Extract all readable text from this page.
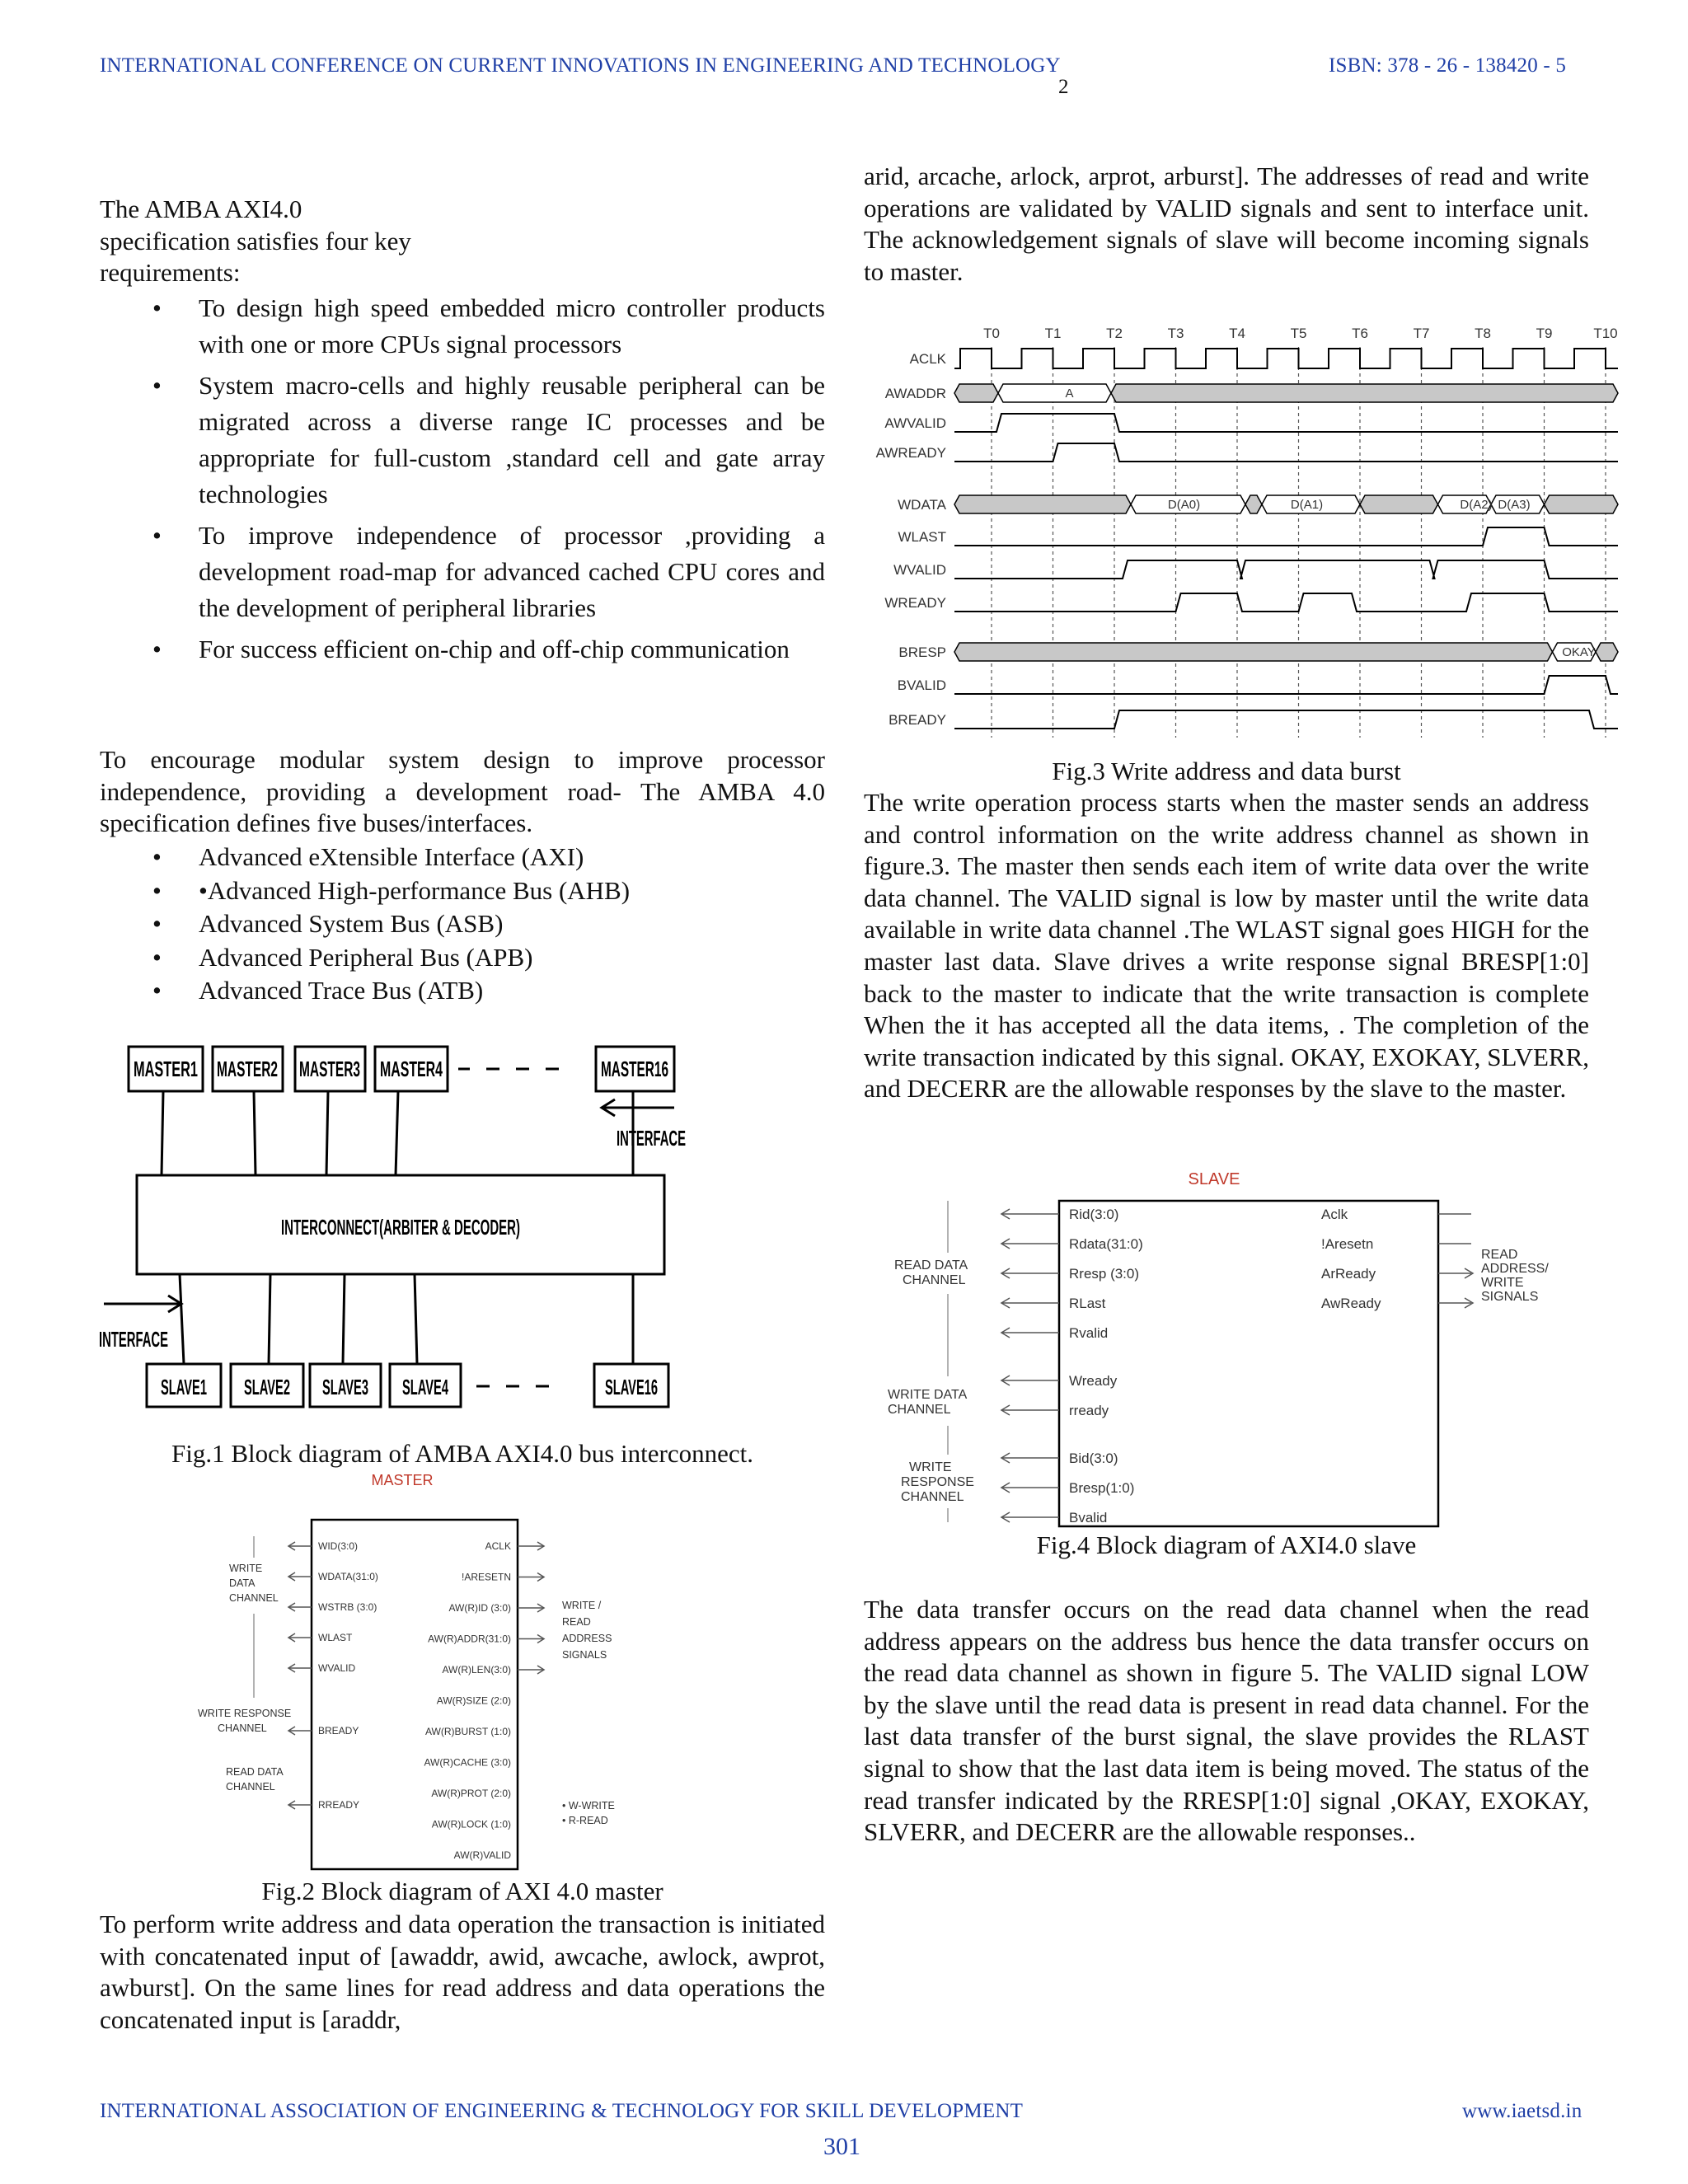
INTERNATIONAL CONFERENCE ON CURRENT INNOVATIONS IN ENGINEERING AND TECHNOLOGY	ISBN: 378 - 26 - 138420 - 5
2
The AMBA AXI4.0
specification satisfies four key
requirements:
• To design high speed embedded micro controller products with one or more CPUs signal processors
• System macro-cells and highly reusable peripheral can be migrated across a diverse range IC processes and be appropriate for full-custom ,standard cell and gate array technologies
• To improve independence of processor ,providing a development road-map for advanced cached CPU cores and the development of peripheral libraries
• For success efficient on-chip and off-chip communication
To encourage modular system design to improve processor independence, providing a development road- The AMBA 4.0 specification defines five buses/interfaces.
• Advanced eXtensible Interface (AXI)
• •Advanced High-performance Bus (AHB)
• Advanced System Bus (ASB)
• Advanced Peripheral Bus (APB)
• Advanced Trace Bus (ATB)
MASTER1 MASTER2 MASTER3 MASTER4	MASTER16
INTERCONNECT(ARBITER & DECODER)
INTERFACE
INTERFACE
SLAVE1 SLAVE2 SLAVE3 SLAVE4	SLAVE16
Fig.1 Block diagram of AMBA AXI4.0 bus interconnect.
MASTER
WID(3:0)
WDATA(31:0)
WSTRB (3:0)
WLAST
WVALID
BREADY
RREADY
ACLK
!ARESETN
AW(R)ID (3:0)
AW(R)ADDR(31:0)
AW(R)LEN(3:0)
AW(R)SIZE (2:0)
AW(R)BURST (1:0)
AW(R)CACHE (3:0)
AW(R)PROT (2:0)
AW(R)LOCK (1:0)
AW(R)VALID
WRITE
DATA
CHANNEL
WRITE RESPONSE
CHANNEL
READ DATA
CHANNEL
WRITE /
READ
ADDRESS
SIGNALS
• W-WRITE
• R-READ
Fig.2 Block diagram of AXI 4.0 master
To perform write address and data operation the transaction is initiated with concatenated input of [awaddr, awid, awcache, awlock, awprot, awburst]. On the same lines for read address and data operations the concatenated input is [araddr,
arid, arcache, arlock, arprot, arburst]. The addresses of read and write operations are validated by VALID signals and sent to interface unit. The acknowledgement signals of slave will become incoming signals to master.
T0	T1	T2	T3	T4	T5	T6	T7	T8	T9	T10
ACLK
AWADDR
AWVALID
AWREADY
WDATA
WLAST
WVALID
WREADY
BRESP
BVALID
BREADY
A
D(A0)	D(A1)	D(A2) D(A3)
OKAY
Fig.3 Write address and data burst
The write operation process starts when the master sends an address and control information on the write address channel as shown in figure.3. The master then sends each item of write data over the write data channel. The VALID signal is low by master until the write data available in write data channel .The WLAST signal goes HIGH for the master last data. Slave drives a write response signal BRESP[1:0] back to the master to indicate that the write transaction is complete When the it has accepted all the data items, . The completion of the write transaction indicated by this signal. OKAY, EXOKAY, SLVERR, and DECERR are the allowable responses by the slave to the master.
SLAVE
Rid(3:0)
Rdata(31:0)
Rresp (3:0)
RLast
Rvalid
Wready
rready
Bid(3:0)
Bresp(1:0)
Bvalid
Aclk
!Aresetn
ArReady
AwReady
READ DATA
CHANNEL
WRITE DATA
CHANNEL
WRITE
RESPONSE
CHANNEL
READ
ADDRESS/
WRITE
SIGNALS
Fig.4 Block diagram of AXI4.0 slave
The data transfer occurs on the read data channel when the read address appears on the address bus hence the data transfer occurs on the read data channel as shown in figure 5. The VALID signal LOW by the slave until the read data is present in read data channel. For the last data transfer of the burst signal, the slave provides the RLAST signal to show that the last data item is being moved. The status of the read transfer indicated by the RRESP[1:0] signal ,OKAY, EXOKAY, SLVERR, and DECERR are the allowable responses..
INTERNATIONAL ASSOCIATION OF ENGINEERING & TECHNOLOGY FOR SKILL DEVELOPMENT	www.iaetsd.in
301
